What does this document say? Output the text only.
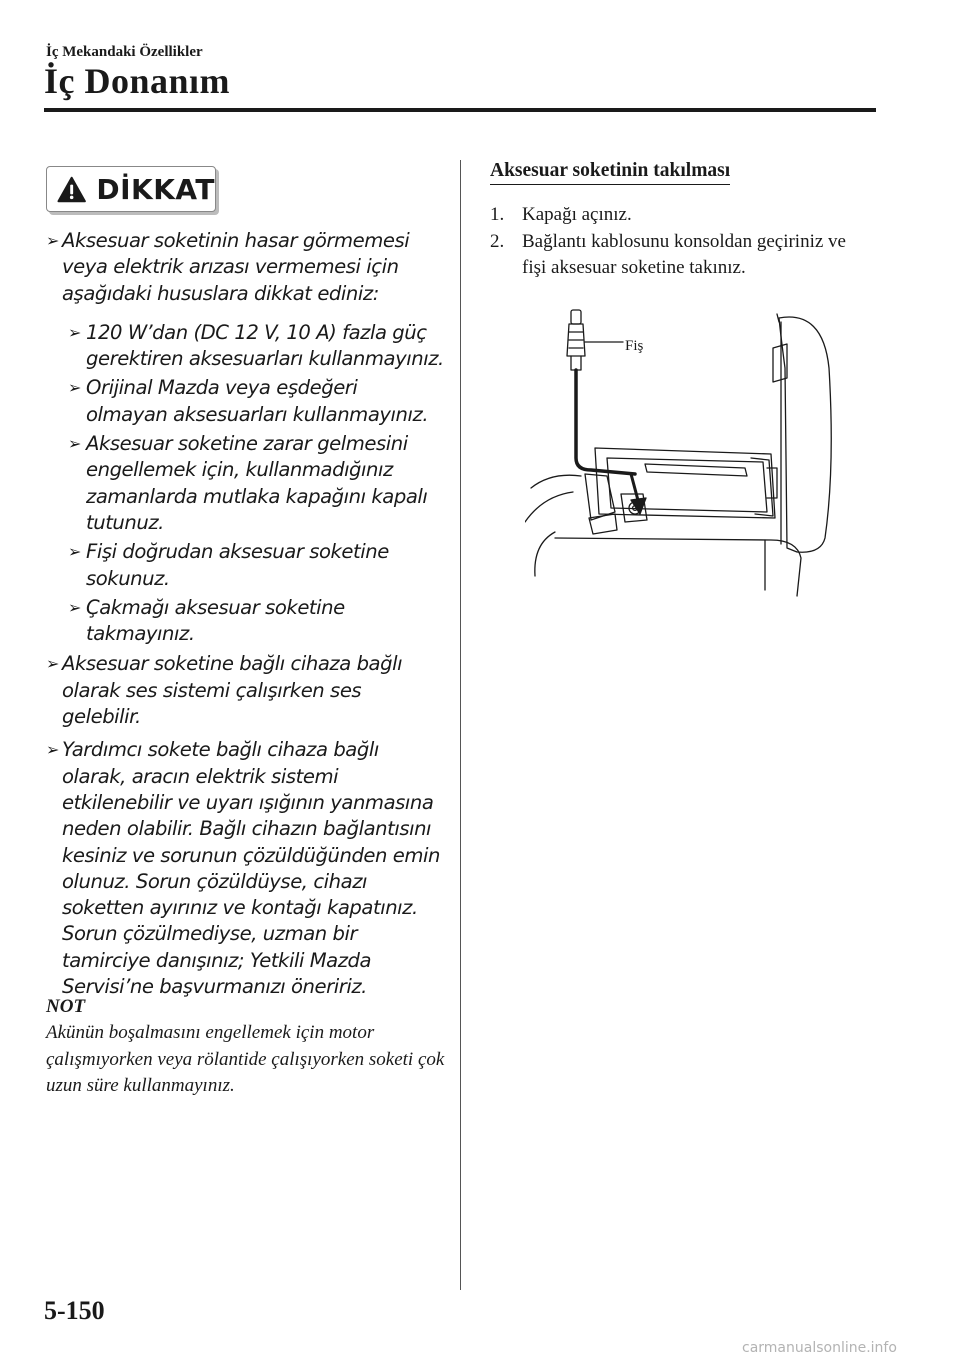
İç Mekandaki Özellikler
İç Donanım
DİKKAT
➢ Aksesuar soketinin hasar görmemesi veya elektrik arızası vermemesi için aşağıdaki hususlara dikkat ediniz:
➢ 120 W’dan (DC 12 V, 10 A) fazla güç gerektiren aksesuarları kullanmayınız.
➢ Orijinal Mazda veya eşdeğeri olmayan aksesuarları kullanmayınız.
➢ Aksesuar soketine zarar gelmesini engellemek için, kullanmadığınız zamanlarda mutlaka kapağını kapalı tutunuz.
➢ Fişi doğrudan aksesuar soketine sokunuz.
➢ Çakmağı aksesuar soketine takmayınız.
➢ Aksesuar soketine bağlı cihaza bağlı olarak ses sistemi çalışırken ses gelebilir.
➢ Yardımcı sokete bağlı cihaza bağlı olarak, aracın elektrik sistemi etkilenebilir ve uyarı ışığının yanmasına neden olabilir. Bağlı cihazın bağlantısını kesiniz ve sorunun çözüldüğünden emin olunuz. Sorun çözüldüyse, cihazı soketten ayırınız ve kontağı kapatınız. Sorun çözülmediyse, uzman bir tamirciye danışınız; Yetkili Mazda Servisi’ne başvurmanızı öneririz.
NOT
Akünün boşalmasını engellemek için motor çalışmıyorken veya rölantide çalışıyorken soketi çok uzun süre kullanmayınız.
Aksesuar soketinin takılması
1. Kapağı açınız.
2. Bağlantı kablosunu konsoldan geçiriniz ve fişi aksesuar soketine takınız.
Fiş
5-150
carmanualsonline.info
